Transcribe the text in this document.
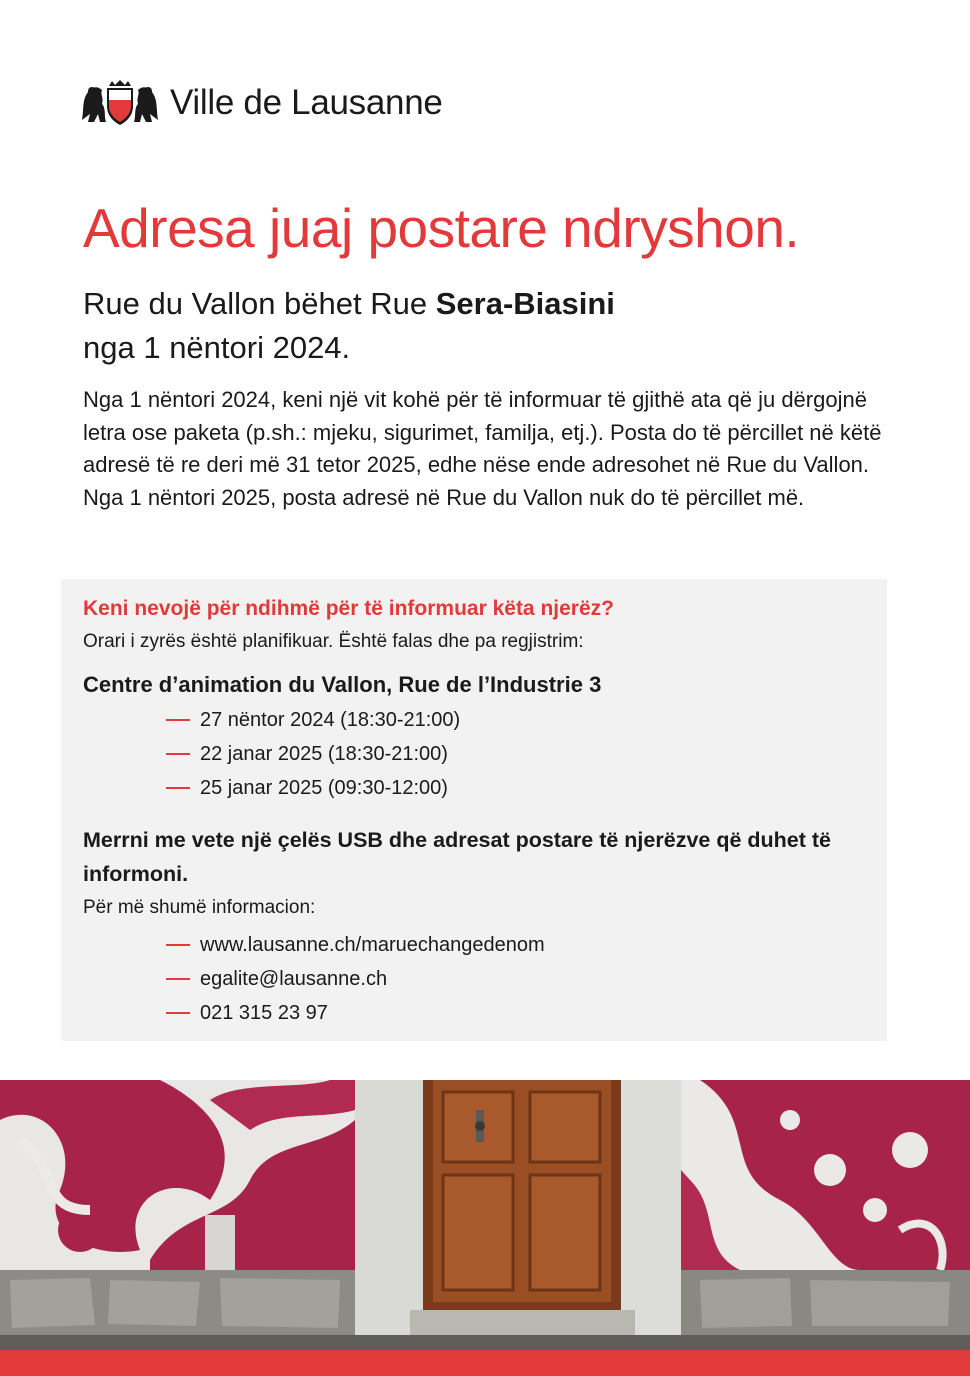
Ville de Lausanne
Adresa juaj postare ndryshon.
Rue du Vallon bëhet Rue Sera-Biasini
nga 1 nëntori 2024.

Nga 1 nëntori 2024, keni një vit kohë për të informuar të gjithë ata që ju dërgojnë letra ose paketa (p.sh.: mjeku, sigurimet, familja, etj.). Posta do të përcillet në këtë adresë të re deri më 31 tetor 2025, edhe nëse ende adresohet në Rue du Vallon. Nga 1 nëntori 2025, posta adresë në Rue du Vallon nuk do të përcillet më.

Keni nevojë për ndihmë për të informuar këta njerëz?
Orari i zyrës është planifikuar. Është falas dhe pa regjistrim:
Centre d’animation du Vallon, Rue de l’Industrie 3
27 nëntor 2024 (18:30-21:00)
22 janar 2025 (18:30-21:00)
25 janar 2025 (09:30-12:00)
Merrni me vete një çelës USB dhe adresat postare të njerëzve që duhet të informoni.
Për më shumë informacion:
www.lausanne.ch/maruechangedenom
egalite@lausanne.ch
021 315 23 97
